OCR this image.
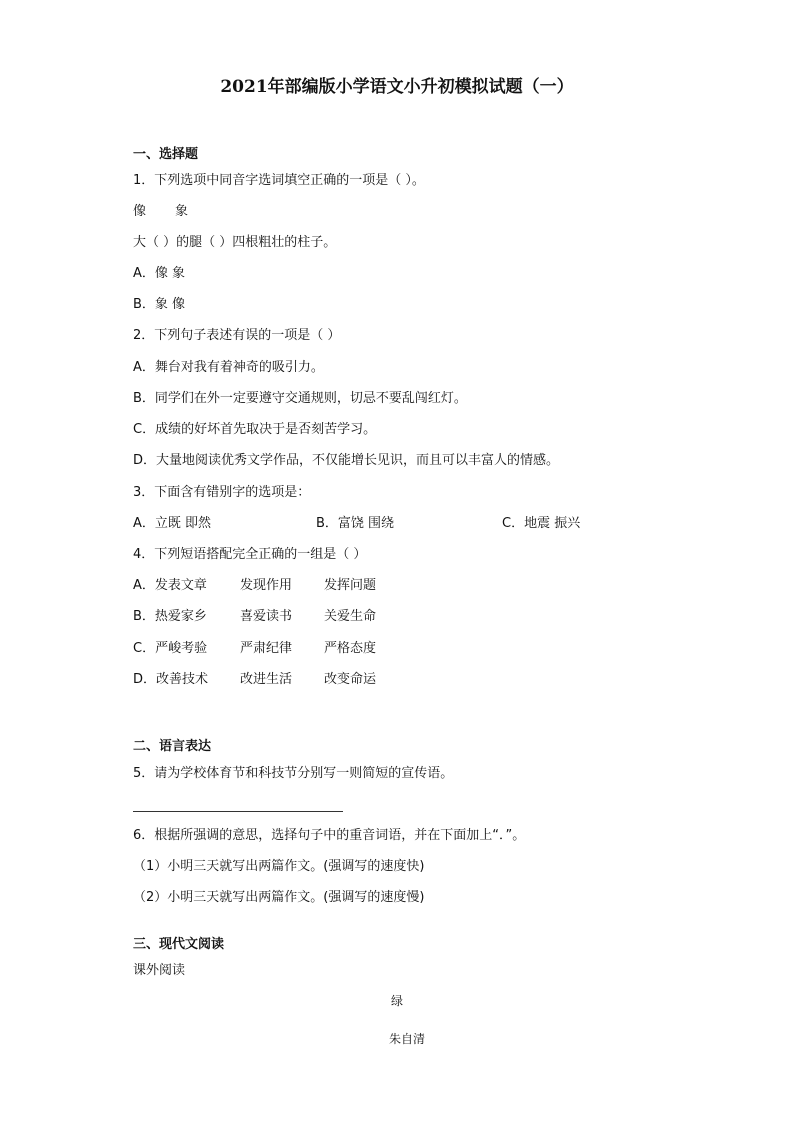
2021年部编版小学语文小升初模拟试题（一）
一、选择题
1．下列选项中同音字选词填空正确的一项是（ ）。
像 象
大（ ）的腿（ ）四根粗壮的柱子。
A．像 象
B．象 像
2．下列句子表述有误的一项是（ ）
A．舞台对我有着神奇的吸引力。
B．同学们在外一定要遵守交通规则，切忌不要乱闯红灯。
C．成绩的好坏首先取决于是否刻苦学习。
D．大量地阅读优秀文学作品，不仅能增长见识，而且可以丰富人的情感。
3．下面含有错别字的选项是：
A．立既 即然	B．富饶 围绕	C．地震 振兴
4．下列短语搭配完全正确的一组是（ ）
A．发表文章	发现作用 发挥问题
B．热爱家乡	喜爱读书 关爱生命
C．严峻考验	严肃纪律 严格态度
D．改善技术 改进生活 改变命运
二、语言表达
5．请为学校体育节和科技节分别写一则简短的宣传语。
6．根据所强调的意思，选择句子中的重音词语，并在下面加上“．”。
（1）小明三天就写出两篇作文。(强调写的速度快)
（2）小明三天就写出两篇作文。(强调写的速度慢)
三、现代文阅读
课外阅读
绿
朱自清
